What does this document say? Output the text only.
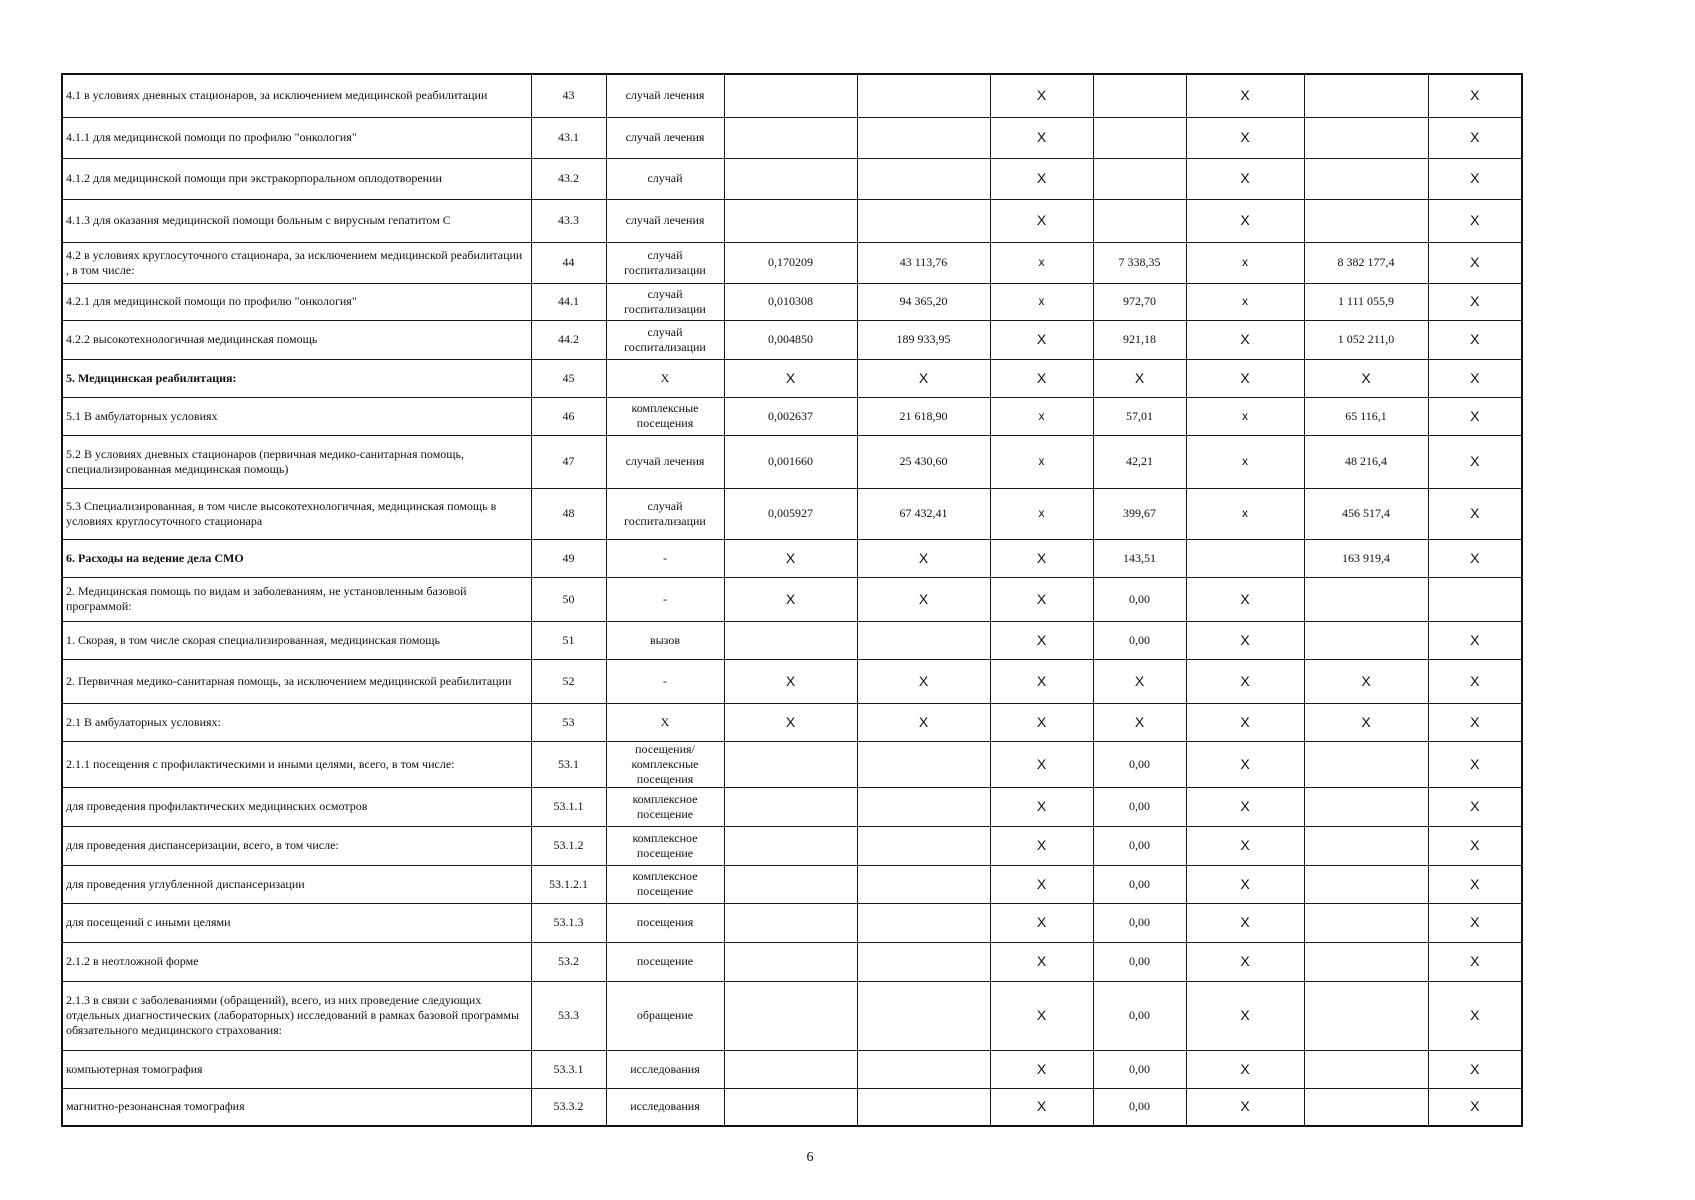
4.1 в условиях дневных стационаров, за исключением медицинской реабилитации	43	случай лечения			X		X		X
4.1.1 для медицинской помощи по профилю "онкология"	43.1	случай лечения			X		X		X
4.1.2 для медицинской помощи при экстракорпоральном оплодотворении	43.2	случай			X		X		X
4.1.3 для оказания медицинской помощи больным с вирусным гепатитом С	43.3	случай лечения			X		X		X
4.2 в условиях круглосуточного стационара, за исключением медицинской реабилитации , в том числе:	44	случай госпитализации	0,170209	43 113,76	x	7 338,35	x	8 382 177,4	X
4.2.1 для медицинской помощи по профилю "онкология"	44.1	случай госпитализации	0,010308	94 365,20	x	972,70	x	1 111 055,9	X
4.2.2 высокотехнологичная медицинская помощь	44.2	случай госпитализации	0,004850	189 933,95	X	921,18	X	1 052 211,0	X
5. Медицинская реабилитация:	45	X	X	X	X	X	X	X	X
5.1 В амбулаторных условиях	46	комплексные посещения	0,002637	21 618,90	x	57,01	x	65 116,1	X
5.2 В условиях дневных стационаров (первичная медико-санитарная помощь, специализированная медицинская помощь)	47	случай лечения	0,001660	25 430,60	x	42,21	x	48 216,4	X
5.3 Специализированная, в том числе высокотехнологичная, медицинская помощь в условиях круглосуточного стационара	48	случай госпитализации	0,005927	67 432,41	x	399,67	x	456 517,4	X
6. Расходы на ведение дела СМО	49	-	X	X	X	143,51		163 919,4	X
2. Медицинская помощь по видам и заболеваниям, не установленным базовой программой:	50	-	X	X	X	0,00	X		
1. Скорая, в том числе скорая специализированная, медицинская помощь	51	вызов			X	0,00	X		X
2. Первичная медико-санитарная помощь, за исключением медицинской реабилитации	52	-	X	X	X	X	X	X	X
2.1 В амбулаторных условиях:	53	X	X	X	X	X	X	X	X
2.1.1 посещения с профилактическими и иными целями, всего, в том числе:	53.1	посещения/комплексные посещения			X	0,00	X		X
для проведения профилактических медицинских осмотров	53.1.1	комплексное посещение			X	0,00	X		X
для проведения диспансеризации, всего, в том числе:	53.1.2	комплексное посещение			X	0,00	X		X
для проведения углубленной диспансеризации	53.1.2.1	комплексное посещение			X	0,00	X		X
для посещений с иными целями	53.1.3	посещения			X	0,00	X		X
2.1.2 в неотложной форме	53.2	посещение			X	0,00	X		X
2.1.3 в связи с заболеваниями (обращений), всего, из них проведение следующих отдельных диагностических (лабораторных) исследований в рамках базовой программы обязательного медицинского страхования:	53.3	обращение			X	0,00	X		X
компьютерная томография	53.3.1	исследования			X	0,00	X		X
магнитно-резонансная томография	53.3.2	исследования			X	0,00	X		X
6
